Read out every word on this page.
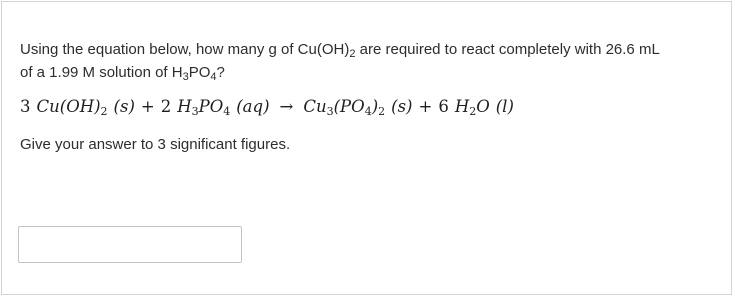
Using the equation below, how many g of $Cu(OH)_2$ are required to react completely with 26.6 mL
of a 1.99 M solution of $H_3PO_4$?
3 $Cu(OH)_2$ (s) + 2 $H_3PO_4$ $(aq) \to Cu_3(PO_4)_2$ (s) + 6 $H_2O$ (l)
Give your answer to 3 significant figures.
